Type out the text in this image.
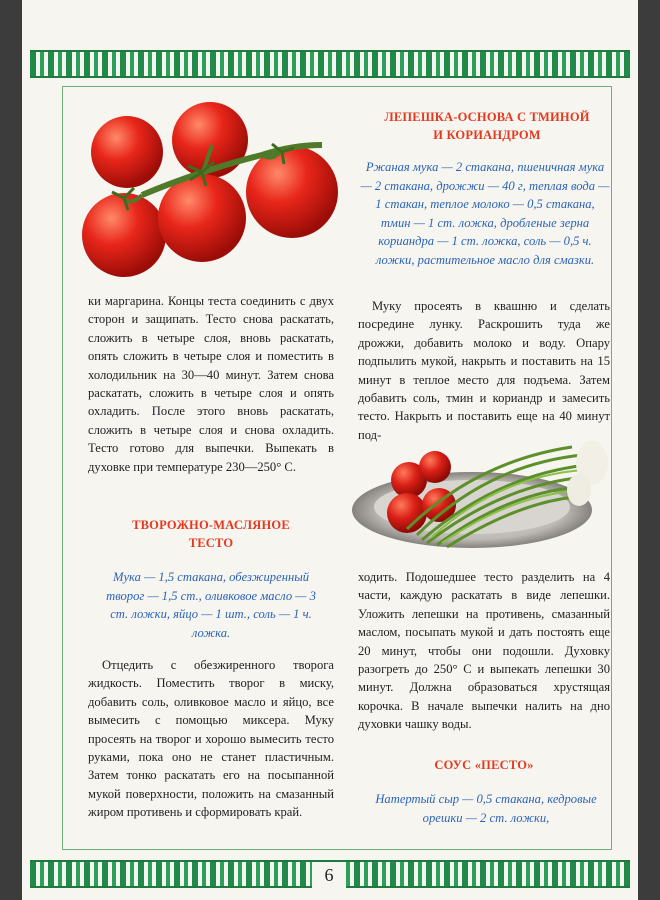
6

ки маргарина. Концы теста соединить с двух сторон и защипать. Тесто снова раскатать, сложить в четыре слоя, вновь раскатать, опять сложить в четыре слоя и поместить в холодильник на 30—40 минут. Затем снова раскатать, сложить в четыре слоя и опять охладить. После этого вновь раскатать, сложить в четыре слоя и снова охладить. Тесто готово для выпечки. Выпекать в духовке при температуре 230—250° С.

ТВОРОЖНО-МАСЛЯНОЕ
ТЕСТО
Мука — 1,5 стакана, обезжиренный творог — 1,5 ст., оливковое масло — 3 ст. ложки, яйцо — 1 шт., соль — 1 ч. ложка.

Отцедить с обезжиренного творога жидкость. Поместить творог в миску, добавить соль, оливковое масло и яйцо, все вымесить с помощью миксера. Муку просеять на творог и хорошо вымесить тесто руками, пока оно не станет пластичным. Затем тонко раскатать его на посыпанной мукой поверхности, положить на смазанный жиром противень и сформировать край.

ЛЕПЕШКА-ОСНОВА С ТМИНОЙ
И КОРИАНДРОМ
Ржаная мука — 2 стакана, пшеничная мука — 2 стакана, дрожжи — 40 г, теплая вода — 1 стакан, теплое молоко — 0,5 стакана, тмин — 1 ст. ложка, дробленые зерна кориандра — 1 ст. ложка, соль — 0,5 ч. ложки, растительное масло для смазки.

Муку просеять в квашню и сделать посредине лунку. Раскрошить туда же дрожжи, добавить молоко и воду. Опару подпылить мукой, накрыть и поставить на 15 минут в теплое место для подъема. Затем добавить соль, тмин и кориандр и замесить тесто. Накрыть и поставить еще на 40 минут под-

ходить. Подошедшее тесто разделить на 4 части, каждую раскатать в виде лепешки. Уложить лепешки на противень, смазанный маслом, посыпать мукой и дать постоять еще 20 минут, чтобы они подошли. Духовку разогреть до 250° С и выпекать лепешки 30 минут. Должна образоваться хрустящая корочка. В начале выпечки налить на дно духовки чашку воды.

СОУС «ПЕСТО»
Натертый сыр — 0,5 стакана, кедровые орешки — 2 ст. ложки,
